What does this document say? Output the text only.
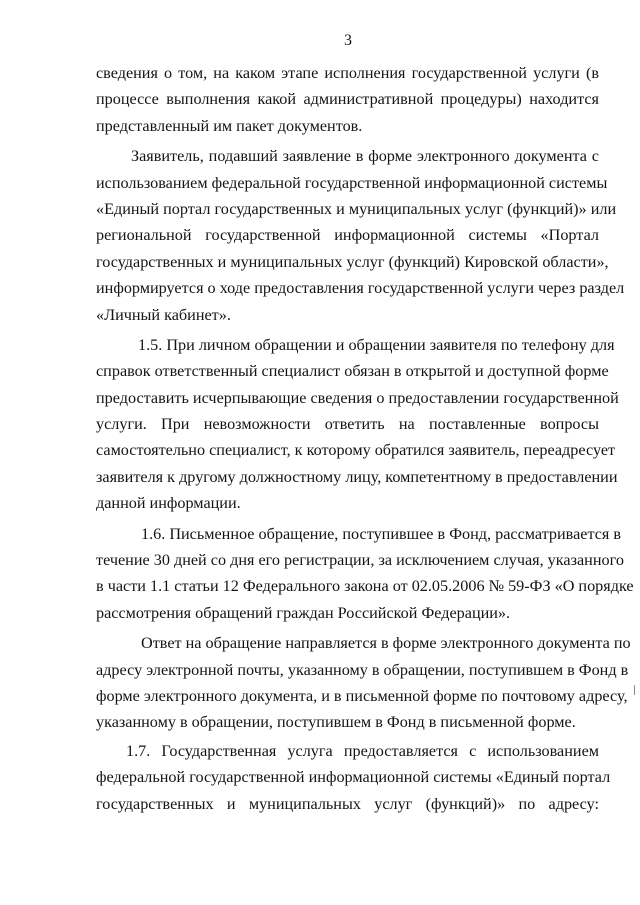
3
сведения о том, на каком этапе исполнения государственной услуги (в
процессе выполнения какой административной процедуры) находится
представленный им пакет документов.
Заявитель, подавший заявление в форме электронного документа с
использованием федеральной государственной информационной системы
«Единый портал государственных и муниципальных услуг (функций)» или
региональной государственной информационной системы «Портал
государственных и муниципальных услуг (функций) Кировской области»,
информируется о ходе предоставления государственной услуги через раздел
«Личный кабинет».
1.5. При личном обращении и обращении заявителя по телефону для
справок ответственный специалист обязан в открытой и доступной форме
предоставить исчерпывающие сведения о предоставлении государственной
услуги. При невозможности ответить на поставленные вопросы
самостоятельно специалист, к которому обратился заявитель, переадресует
заявителя к другому должностному лицу, компетентному в предоставлении
данной информации.
1.6. Письменное обращение, поступившее в Фонд, рассматривается в
течение 30 дней со дня его регистрации, за исключением случая, указанного
в части 1.1 статьи 12 Федерального закона от 02.05.2006 № 59-ФЗ «О порядке
рассмотрения обращений граждан Российской Федерации».
Ответ на обращение направляется в форме электронного документа по
адресу электронной почты, указанному в обращении, поступившем в Фонд в
форме электронного документа, и в письменной форме по почтовому адресу,
указанному в обращении, поступившем в Фонд в письменной форме.
1.7. Государственная услуга предоставляется с использованием
федеральной государственной информационной системы «Единый портал
государственных и муниципальных услуг (функций)» по адресу:
